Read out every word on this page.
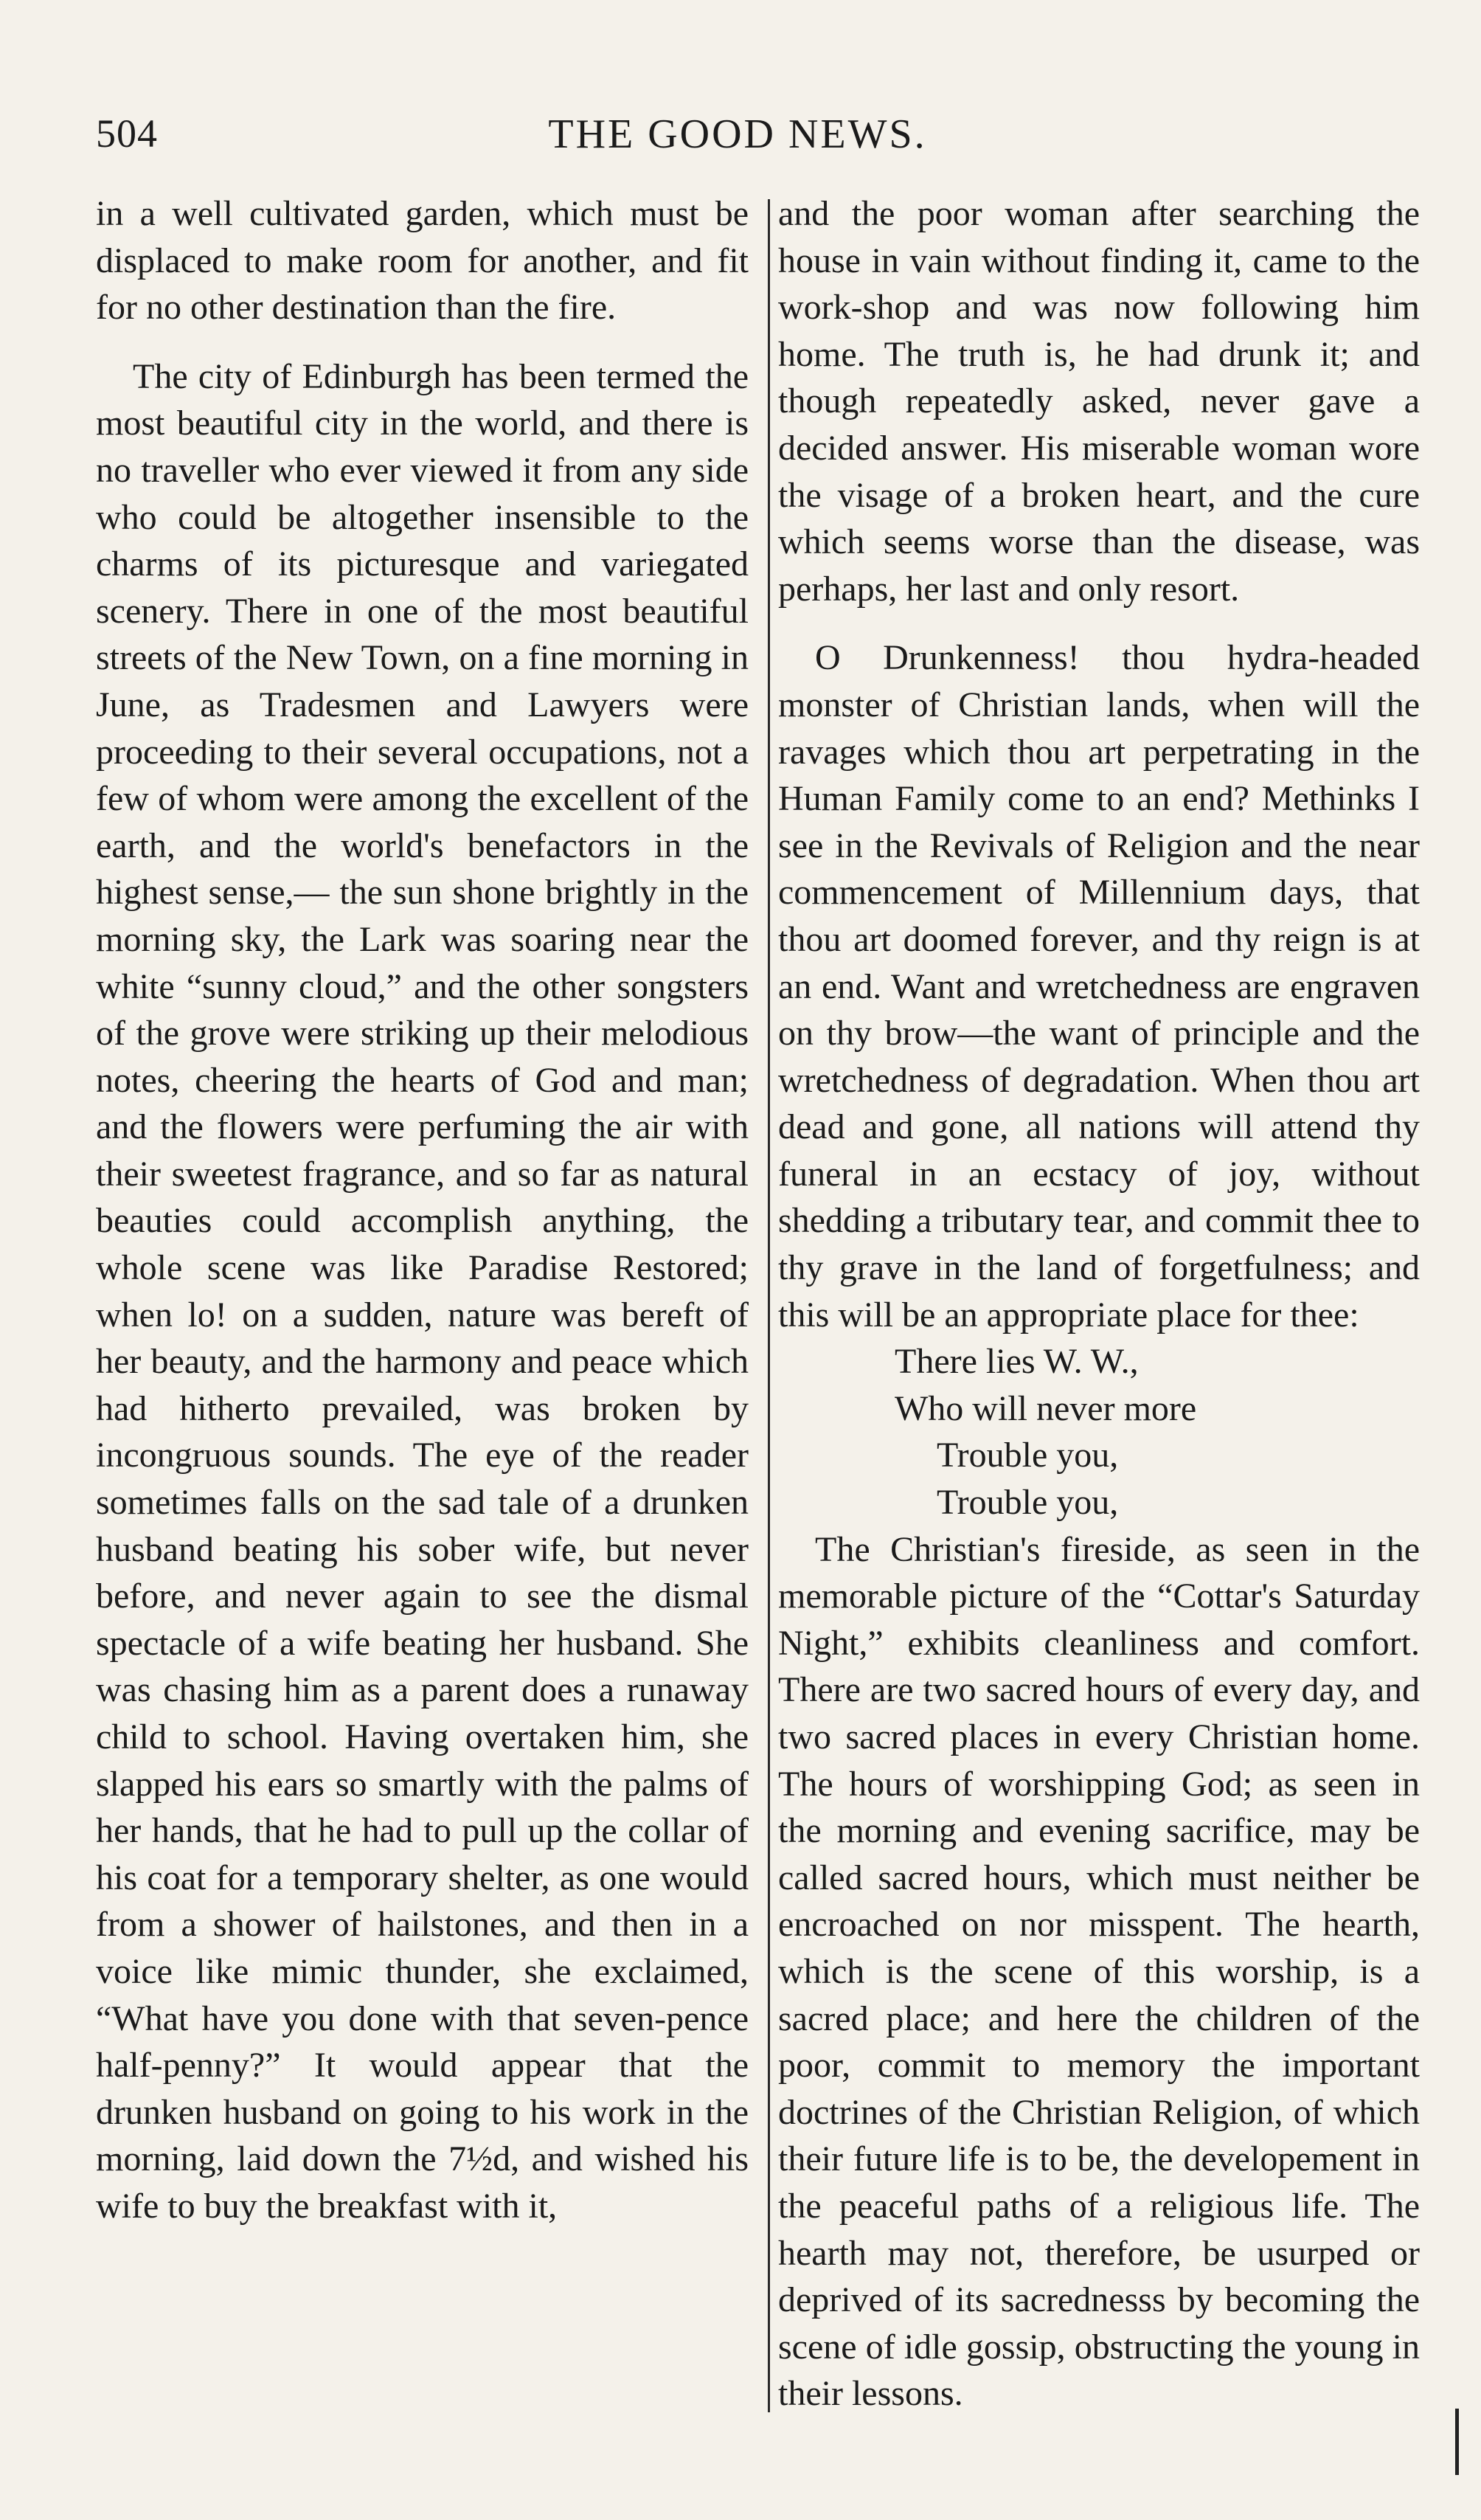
504	THE GOOD NEWS.

in a well cultivated garden, which must be displaced to make room for another, and fit for no other destination than the fire.

The city of Edinburgh has been termed the most beautiful city in the world, and there is no traveller who ever viewed it from any side who could be altogether insensible to the charms of its picturesque and variegated scenery. There in one of the most beautiful streets of the New Town, on a fine morning in June, as Tradesmen and Lawyers were proceeding to their several occupations, not a few of whom were among the excellent of the earth, and the world's benefactors in the highest sense,— the sun shone brightly in the morning sky, the Lark was soaring near the white “sunny cloud,” and the other songsters of the grove were striking up their melodious notes, cheering the hearts of God and man; and the flowers were perfuming the air with their sweetest fragrance, and so far as natural beauties could accomplish anything, the whole scene was like Paradise Restored; when lo! on a sudden, nature was bereft of her beauty, and the harmony and peace which had hitherto prevailed, was broken by incongruous sounds. The eye of the reader sometimes falls on the sad tale of a drunken husband beating his sober wife, but never before, and never again to see the dismal spectacle of a wife beating her husband. She was chasing him as a parent does a runaway child to school. Having overtaken him, she slapped his ears so smartly with the palms of her hands, that he had to pull up the collar of his coat for a temporary shelter, as one would from a shower of hailstones, and then in a voice like mimic thunder, she exclaimed, “What have you done with that seven-pence half-penny?” It would appear that the drunken husband on going to his work in the morning, laid down the 7½d, and wished his wife to buy the breakfast with it,

and the poor woman after searching the house in vain without finding it, came to the work-shop and was now following him home. The truth is, he had drunk it; and though repeatedly asked, never gave a decided answer. His miserable woman wore the visage of a broken heart, and the cure which seems worse than the disease, was perhaps, her last and only resort.

O Drunkenness! thou hydra-headed monster of Christian lands, when will the ravages which thou art perpetrating in the Human Family come to an end? Methinks I see in the Revivals of Religion and the near commencement of Millennium days, that thou art doomed forever, and thy reign is at an end. Want and wretchedness are engraven on thy brow—the want of principle and the wretchedness of degradation. When thou art dead and gone, all nations will attend thy funeral in an ecstacy of joy, without shedding a tributary tear, and commit thee to thy grave in the land of forgetfulness; and this will be an appropriate place for thee:

There lies W. W.,
Who will never more
Trouble you,
Trouble you,

The Christian's fireside, as seen in the memorable picture of the “Cottar's Saturday Night,” exhibits cleanliness and comfort. There are two sacred hours of every day, and two sacred places in every Christian home. The hours of worshipping God; as seen in the morning and evening sacrifice, may be called sacred hours, which must neither be encroached on nor misspent. The hearth, which is the scene of this worship, is a sacred place; and here the children of the poor, commit to memory the important doctrines of the Christian Religion, of which their future life is to be, the developement in the peaceful paths of a religious life. The hearth may not, therefore, be usurped or deprived of its sacrednesss by becoming the scene of idle gossip, obstructing the young in their lessons.
